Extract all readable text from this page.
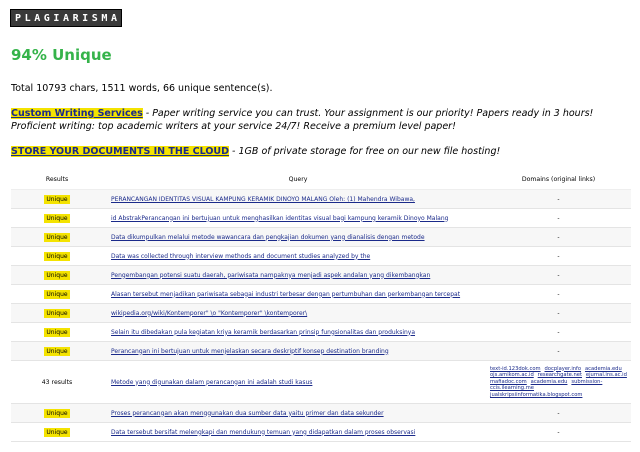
P L A G I A R I S M A
94% Unique
Total 10793 chars, 1511 words, 66 unique sentence(s).
Custom Writing Services - Paper writing service you can trust. Your assignment is our priority! Papers ready in 3 hours! Proficient writing: top academic writers at your service 24/7! Receive a premium level paper!
STORE YOUR DOCUMENTS IN THE CLOUD - 1GB of private storage for free on our new file hosting!
Results	Query	Domains (original links)
Unique	PERANCANGAN IDENTITAS VISUAL KAMPUNG KERAMIK DINOYO MALANG Oleh: (1) Mahendra Wibawa,	-
Unique	id AbstrakPerancangan ini bertujuan untuk menghasilkan identitas visual bagi kampung keramik Dinoyo Malang	-
Unique	Data dikumpulkan melalui metode wawancara dan pengkajian dokumen yang dianalisis dengan metode	-
Unique	Data was collected through interview methods and document studies analyzed by the	-
Unique	Pengembangan potensi suatu daerah, pariwisata nampaknya menjadi aspek andalan yang dikembangkan	-
Unique	Alasan tersebut menjadikan pariwisata sebagai industri terbesar dengan pertumbuhan dan perkembangan tercepat	-
Unique	wikipedia.org/wiki/Kontemporer" \o "Kontemporer" \kontemporer\	-
Unique	Selain itu dibedakan pula kegiatan kriya keramik berdasarkan prinsip fungsionalitas dan produksinya	-
Unique	Perancangan ini bertujuan untuk menjelaskan secara deskriptif konsep destination branding	-
43 results	Metode yang digunakan dalam perancangan ini adalah studi kasus	text-id.123dok.com docplayer.info academia.edu ojs.amikom.ac.id researchgate.net ejurnal.ins.ac.id mafiadoc.com academia.edu submission-ccis.ilearning.me jualskripsiinformatika.blogspot.com
Unique	Proses perancangan akan menggunakan dua sumber data yaitu primer dan data sekunder	-
Unique	Data tersebut bersifat melengkapi dan mendukung temuan yang didapatkan dalam proses observasi	-
